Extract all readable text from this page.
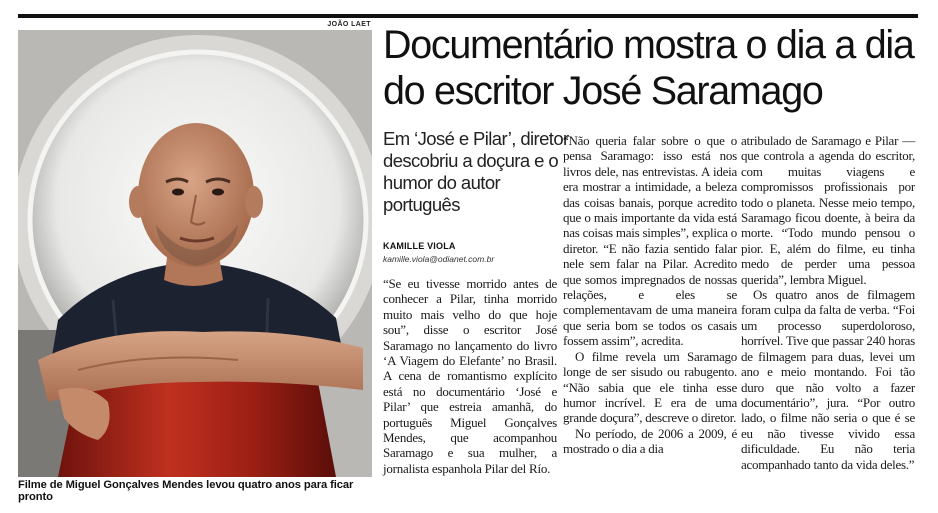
JOÃO LAET
Filme de Miguel Gonçalves Mendes levou quatro anos para ficar pronto
Documentário mostra o dia a dia do escritor José Saramago

Em ‘José e Pilar’, diretor descobriu a doçura e o humor do autor português

KAMILLE VIOLA
kamille.viola@odianet.com.br

“Se eu tivesse morrido antes de conhecer a Pilar, tinha morrido muito mais velho do que hoje sou”, disse o escritor José Saramago no lançamento do livro ‘A Viagem do Elefante’ no Brasil. A cena de romantismo explícito está no documentário ‘José e Pilar’ que estreia amanhã, do português Miguel Gonçalves Mendes, que acompanhou Saramago e sua mulher, a jornalista espanhola Pilar del Río.

“Não queria falar sobre o que o pensa Saramago: isso está nos livros dele, nas entrevistas. A ideia era mostrar a intimidade, a beleza das coisas banais, porque acredito que o mais importante da vida está nas coisas mais simples”, explica o diretor. “E não fazia sentido falar nele sem falar na Pilar. Acredito que somos impregnados de nossas relações, e eles se complementavam de uma maneira que seria bom se todos os casais fossem assim”, acredita.

O filme revela um Saramago longe de ser sisudo ou rabugento. “Não sabia que ele tinha esse humor incrível. E era de uma grande doçura”, descreve o diretor.

No período, de 2006 a 2009, é mostrado o dia a dia

atribulado de Saramago e Pilar — que controla a agenda do escritor, com muitas viagens e compromissos profissionais por todo o planeta. Nesse meio tempo, Saramago ficou doente, à beira da morte. “Todo mundo pensou o pior. E, além do filme, eu tinha medo de perder uma pessoa querida”, lembra Miguel.

Os quatro anos de filmagem foram culpa da falta de verba. “Foi um processo superdoloroso, horrível. Tive que passar 240 horas de filmagem para duas, levei um ano e meio montando. Foi tão duro que não volto a fazer documentário”, jura. “Por outro lado, o filme não seria o que é se eu não tivesse vivido essa dificuldade. Eu não teria acompanhado tanto da vida deles.”
